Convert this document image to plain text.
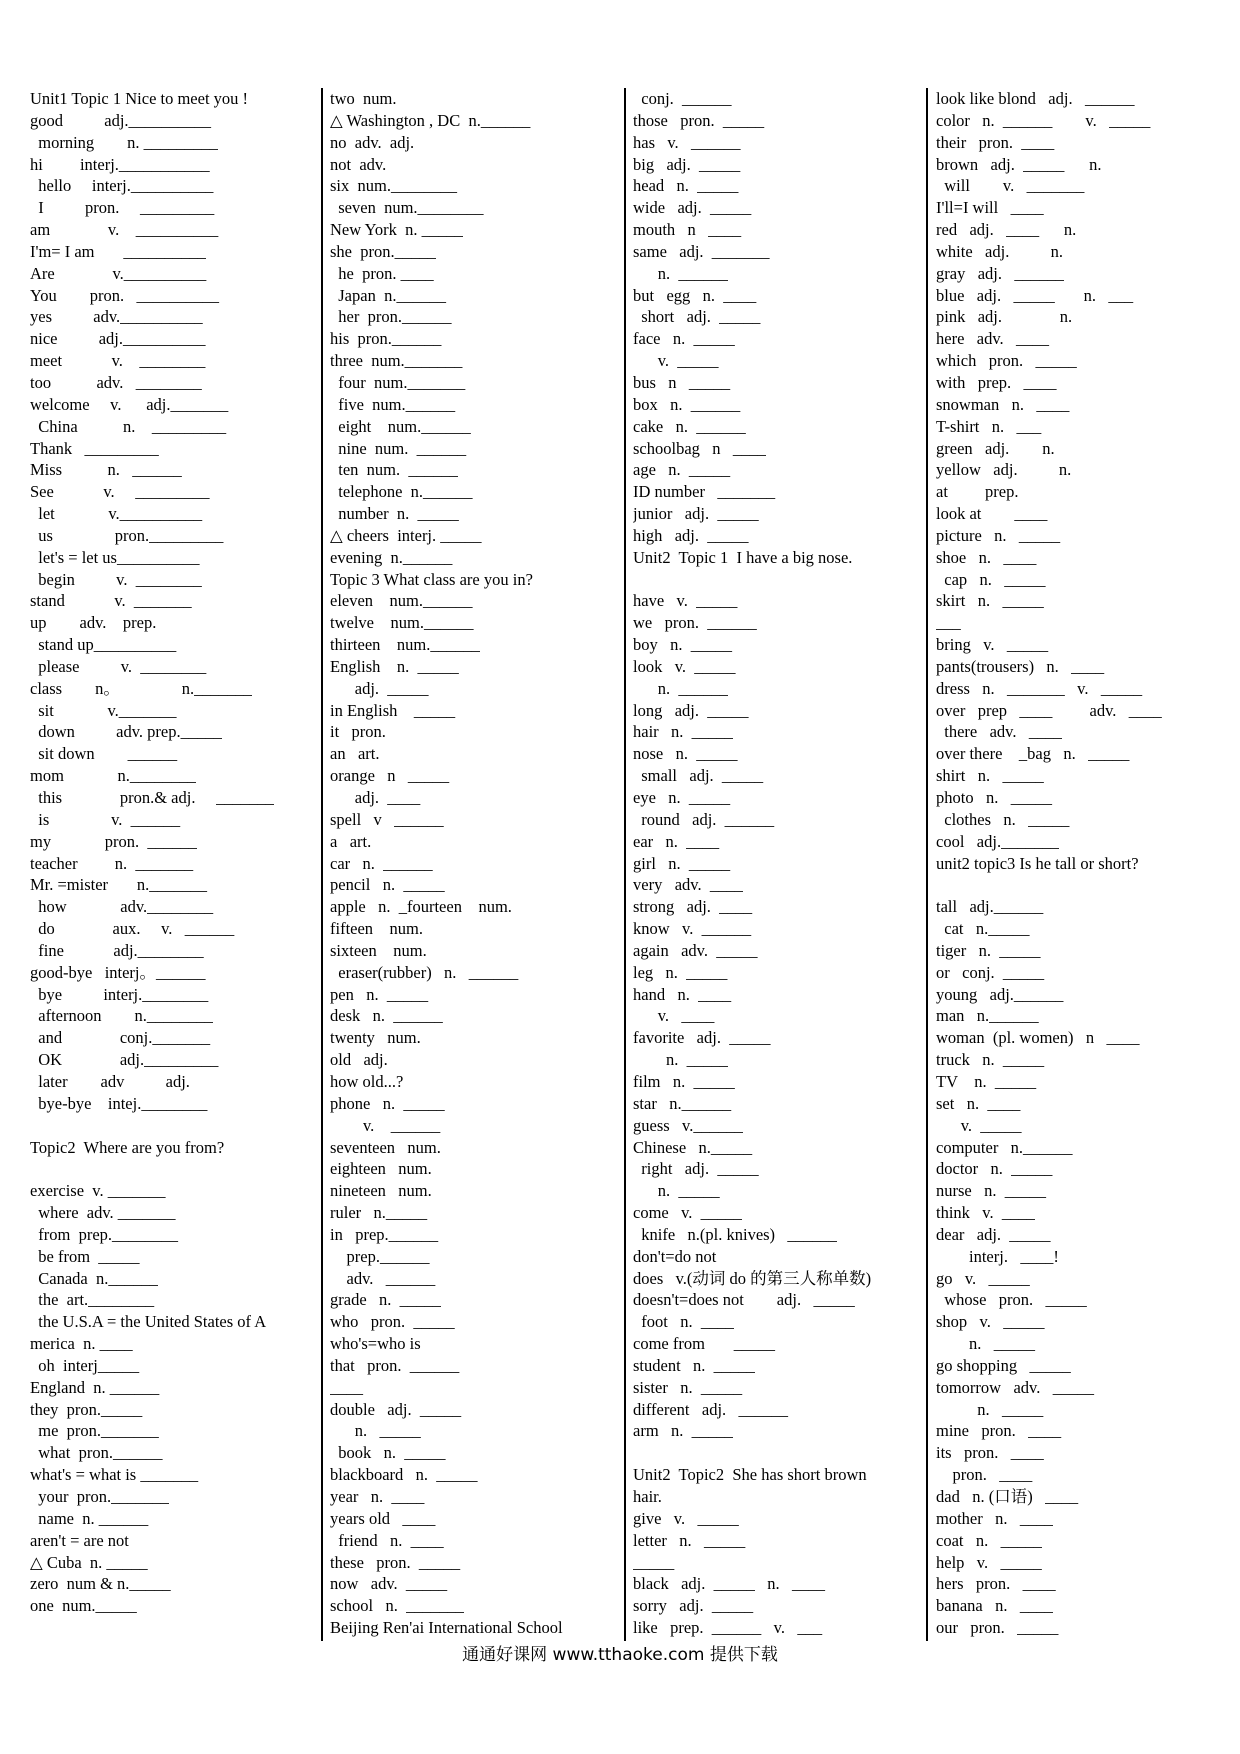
Unit1 Topic 1 Nice to meet you !
good          adj.__________
morning        n. _________
hi         interj.___________
hello     interj.__________
I          pron.     _________
am              v.    __________
I'm= I am       __________
Are              v.__________
You        pron.   __________
yes          adv.__________
nice          adj.__________
meet            v.    ________
too           adv.   ________
welcome     v.      adj._______
China           n.    _________
Thank   _________
Miss           n.   ______
See            v.     _________
let             v.__________
us               pron._________
let's = let us__________
begin          v.  ________
stand            v.  _______
up        adv.    prep.
stand up__________
please          v.  ________
class        n。               n._______
sit             v._______
down          adv. prep._____
sit down        ______
mom             n.________
this              pron.& adj.     _______
is               v.  ______
my             pron.  ______
teacher         n.  _______
Mr. =mister       n._______
how             adv.________
do              aux.     v.   ______
fine            adj.________
good-bye   interj。______
bye          interj.________
afternoon        n.________
and              conj._______
OK              adj._________
later        adv          adj.
bye-bye    intej.________
Topic2  Where are you from?
exercise  v. _______
where  adv. _______
from  prep.________
be from  _____
Canada  n.______
the  art.________
the U.S.A = the United States of A
merica  n. ____
oh  interj_____
England  n. ______
they  pron._____
me  pron._______
what  pron.______
what's = what is _______
your  pron._______
name  n. ______
aren't = are not
△ Cuba  n. _____
zero  num & n._____
one  num._____
two  num.
△ Washington , DC  n.______
no  adv.  adj.
not  adv.
six  num.________
seven  num.________
New York  n. _____
she  pron._____
he  pron. ____
Japan  n.______
her  pron.______
his  pron.______
three  num._______
four  num._______
five  num.______
eight    num.______
nine  num.  ______
ten  num.  ______
telephone  n.______
number  n.  _____
△ cheers  interj. _____
evening  n.______
Topic 3 What class are you in?
eleven    num.______
twelve    num.______
thirteen    num.______
English    n.  _____
adj.  _____
in English    _____
it   pron.
an   art.
orange   n   _____
adj.  ____
spell   v   ______
a   art.
car   n.  ______
pencil   n.  _____
apple   n.  _fourteen    num.
fifteen    num.
sixteen    num.
eraser(rubber)   n.   ______
pen   n.  _____
desk   n.  ______
twenty   num.
old   adj.
how old...?
phone   n.  _____
v.    ______
seventeen   num.
eighteen   num.
nineteen   num.
ruler   n._____
in   prep.______
prep.______
adv.   ______
grade   n.  _____
who   pron.  _____
who's=who is
that   pron.  ______
____
double   adj.  _____
n.   _____
book   n.  _____
blackboard   n.  _____
year   n.  ____
years old   ____
friend   n.  ____
these   pron.  _____
now   adv.  _____
school   n.  _______
Beijing Ren'ai International School
conj.  ______
those   pron.  _____
has   v.   ______
big   adj.  _____
head   n.  _____
wide   adj.  _____
mouth   n   ____
same   adj.  _______
n.  ______
but   egg   n.  ____
short   adj.  _____
face   n.  _____
v.  _____
bus   n   _____
box   n.  ______
cake   n.  ______
schoolbag   n   ____
age   n.  _____
ID number   _______
junior   adj.  _____
high   adj.  _____
Unit2  Topic 1  I have a big nose.
have   v.  _____
we   pron.  ______
boy   n.  _____
look   v.  _____
n.  ______
long   adj.  _____
hair   n.  _____
nose   n.  _____
small   adj.  _____
eye   n.  _____
round   adj.  ______
ear   n.  ____
girl   n.  _____
very   adv.  ____
strong   adj.  ____
know   v.  ______
again   adv.  _____
leg   n.  _____
hand   n.  ____
v.   ____
favorite   adj.  _____
n.  _____
film   n.  _____
star   n.______
guess   v.______
Chinese   n._____
right   adj.  _____
n.  _____
come   v.  _____
knife   n.(pl. knives)   ______
don't=do not
does   v.(动词 do 的第三人称单数)
doesn't=does not        adj.   _____
foot   n.  ____
come from       _____
student   n.  _____
sister   n.  _____
different   adj.   ______
arm   n.  _____
Unit2  Topic2  She has short brown
hair.
give   v.   _____
letter   n.   _____
_____
black   adj.  _____   n.   ____
sorry   adj.  _____
like   prep.  ______   v.   ___
look like blond   adj.   ______
color   n.  ______        v.   _____
their   pron.  ____
brown   adj.  _____      n.
will        v.   _______
I'll=I will   ____
red   adj.   ____      n.
white   adj.          n.
gray   adj.   ______
blue   adj.   _____       n.   ___
pink   adj.              n.
here   adv.   ____
which   pron.   _____
with   prep.   ____
snowman   n.   ____
T-shirt   n.   ___
green   adj.        n.
yellow   adj.          n.
at         prep.
look at        ____
picture   n.   _____
shoe   n.   ____
cap   n.   _____
skirt   n.   _____
___
bring   v.   _____
pants(trousers)   n.   ____
dress   n.   _______   v.   _____
over   prep   ____         adv.   ____
there   adv.   ____
over there    _bag   n.   _____
shirt   n.   _____
photo   n.   _____
clothes   n.   _____
cool   adj._______
unit2 topic3 Is he tall or short?
tall   adj.______
cat   n._____
tiger   n.  _____
or   conj.  _____
young   adj.______
man   n.______
woman  (pl. women)   n   ____
truck   n.  _____
TV    n.  _____
set   n.  ____
v.  _____
computer   n.______
doctor   n.  _____
nurse   n.  _____
think   v.  ____
dear   adj.  _____
interj.   ____!
go   v.   _____
whose   pron.   _____
shop   v.   _____
n.   _____
go shopping   _____
tomorrow   adv.   _____
n.   _____
mine   pron.   ____
its   pron.   ____
pron.   ____
dad   n. (口语)   ____
mother   n.   ____
coat   n.   _____
help   v.   _____
hers   pron.   ____
banana   n.   ____
our   pron.   _____
通通好课网 www.tthaoke.com 提供下载
